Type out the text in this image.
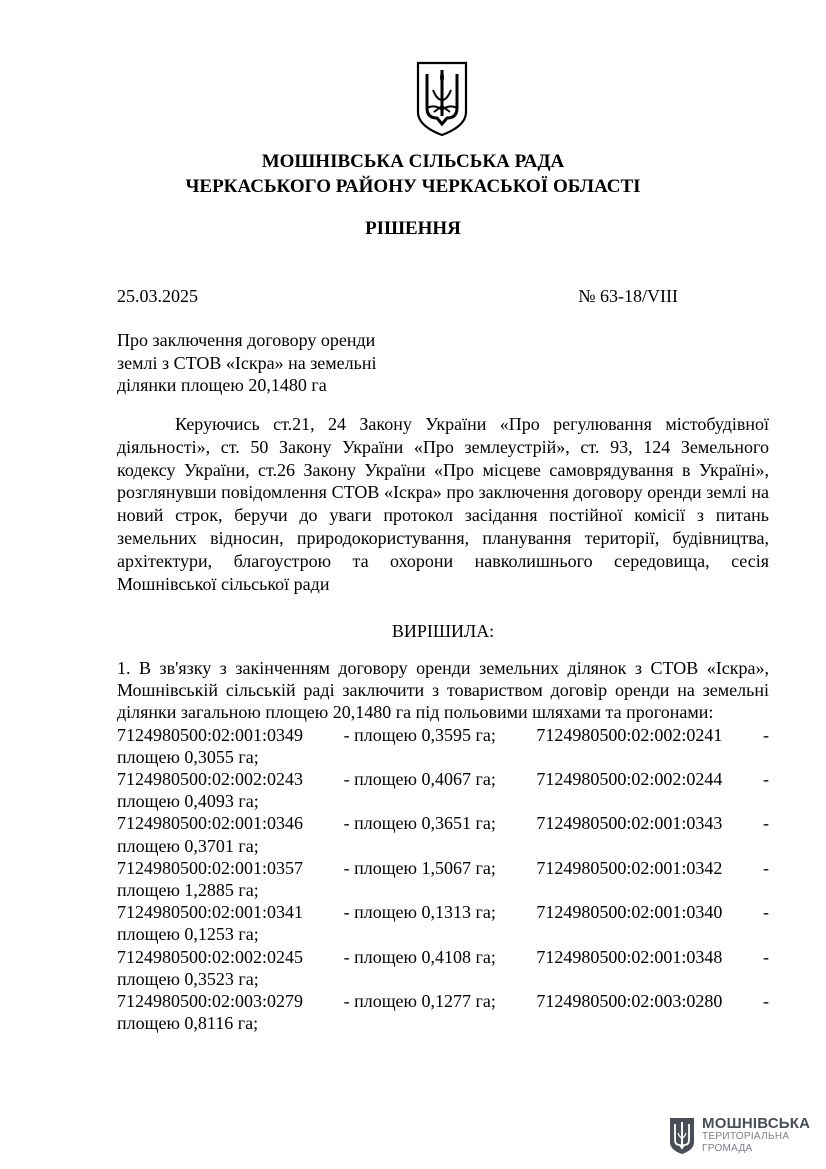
МОШНІВСЬКА СІЛЬСЬКА РАДА
ЧЕРКАСЬКОГО РАЙОНУ ЧЕРКАСЬКОЇ ОБЛАСТІ
РІШЕННЯ
25.03.2025	№ 63-18/VIII
Про заключення договору оренди
землі з СТОВ «Іскра» на земельні
ділянки площею 20,1480 га
Керуючись ст.21, 24 Закону України «Про регулювання містобудівної діяльності», ст. 50 Закону України «Про землеустрій», ст. 93, 124 Земельного кодексу України, ст.26 Закону України «Про місцеве самоврядування в Україні», розглянувши повідомлення СТОВ «Іскра» про заключення договору оренди землі на новий строк, беручи до уваги протокол засідання постійної комісії з питань земельних відносин, природокористування, планування території, будівництва, архітектури, благоустрою та охорони навколишнього середовища, сесія Мошнівської сільської ради
ВИРІШИЛА:
1. В зв'язку з закінченням договору оренди земельних ділянок з СТОВ «Іскра», Мошнівській сільській раді заключити з товариством договір оренди на земельні ділянки загальною площею 20,1480 га під польовими шляхами та прогонами:
7124980500:02:001:0349 - площею 0,3595 га; 7124980500:02:002:0241 -
площею 0,3055 га;
7124980500:02:002:0243 - площею 0,4067 га; 7124980500:02:002:0244 -
площею 0,4093 га;
7124980500:02:001:0346 - площею 0,3651 га; 7124980500:02:001:0343 -
площею 0,3701 га;
7124980500:02:001:0357 - площею 1,5067 га; 7124980500:02:001:0342 -
площею 1,2885 га;
7124980500:02:001:0341 - площею 0,1313 га; 7124980500:02:001:0340 -
площею 0,1253 га;
7124980500:02:002:0245 - площею 0,4108 га; 7124980500:02:001:0348 -
площею 0,3523 га;
7124980500:02:003:0279 - площею 0,1277 га; 7124980500:02:003:0280 -
площею 0,8116 га;
МОШНІВСЬКА
ТЕРИТОРІАЛЬНА
ГРОМАДА
